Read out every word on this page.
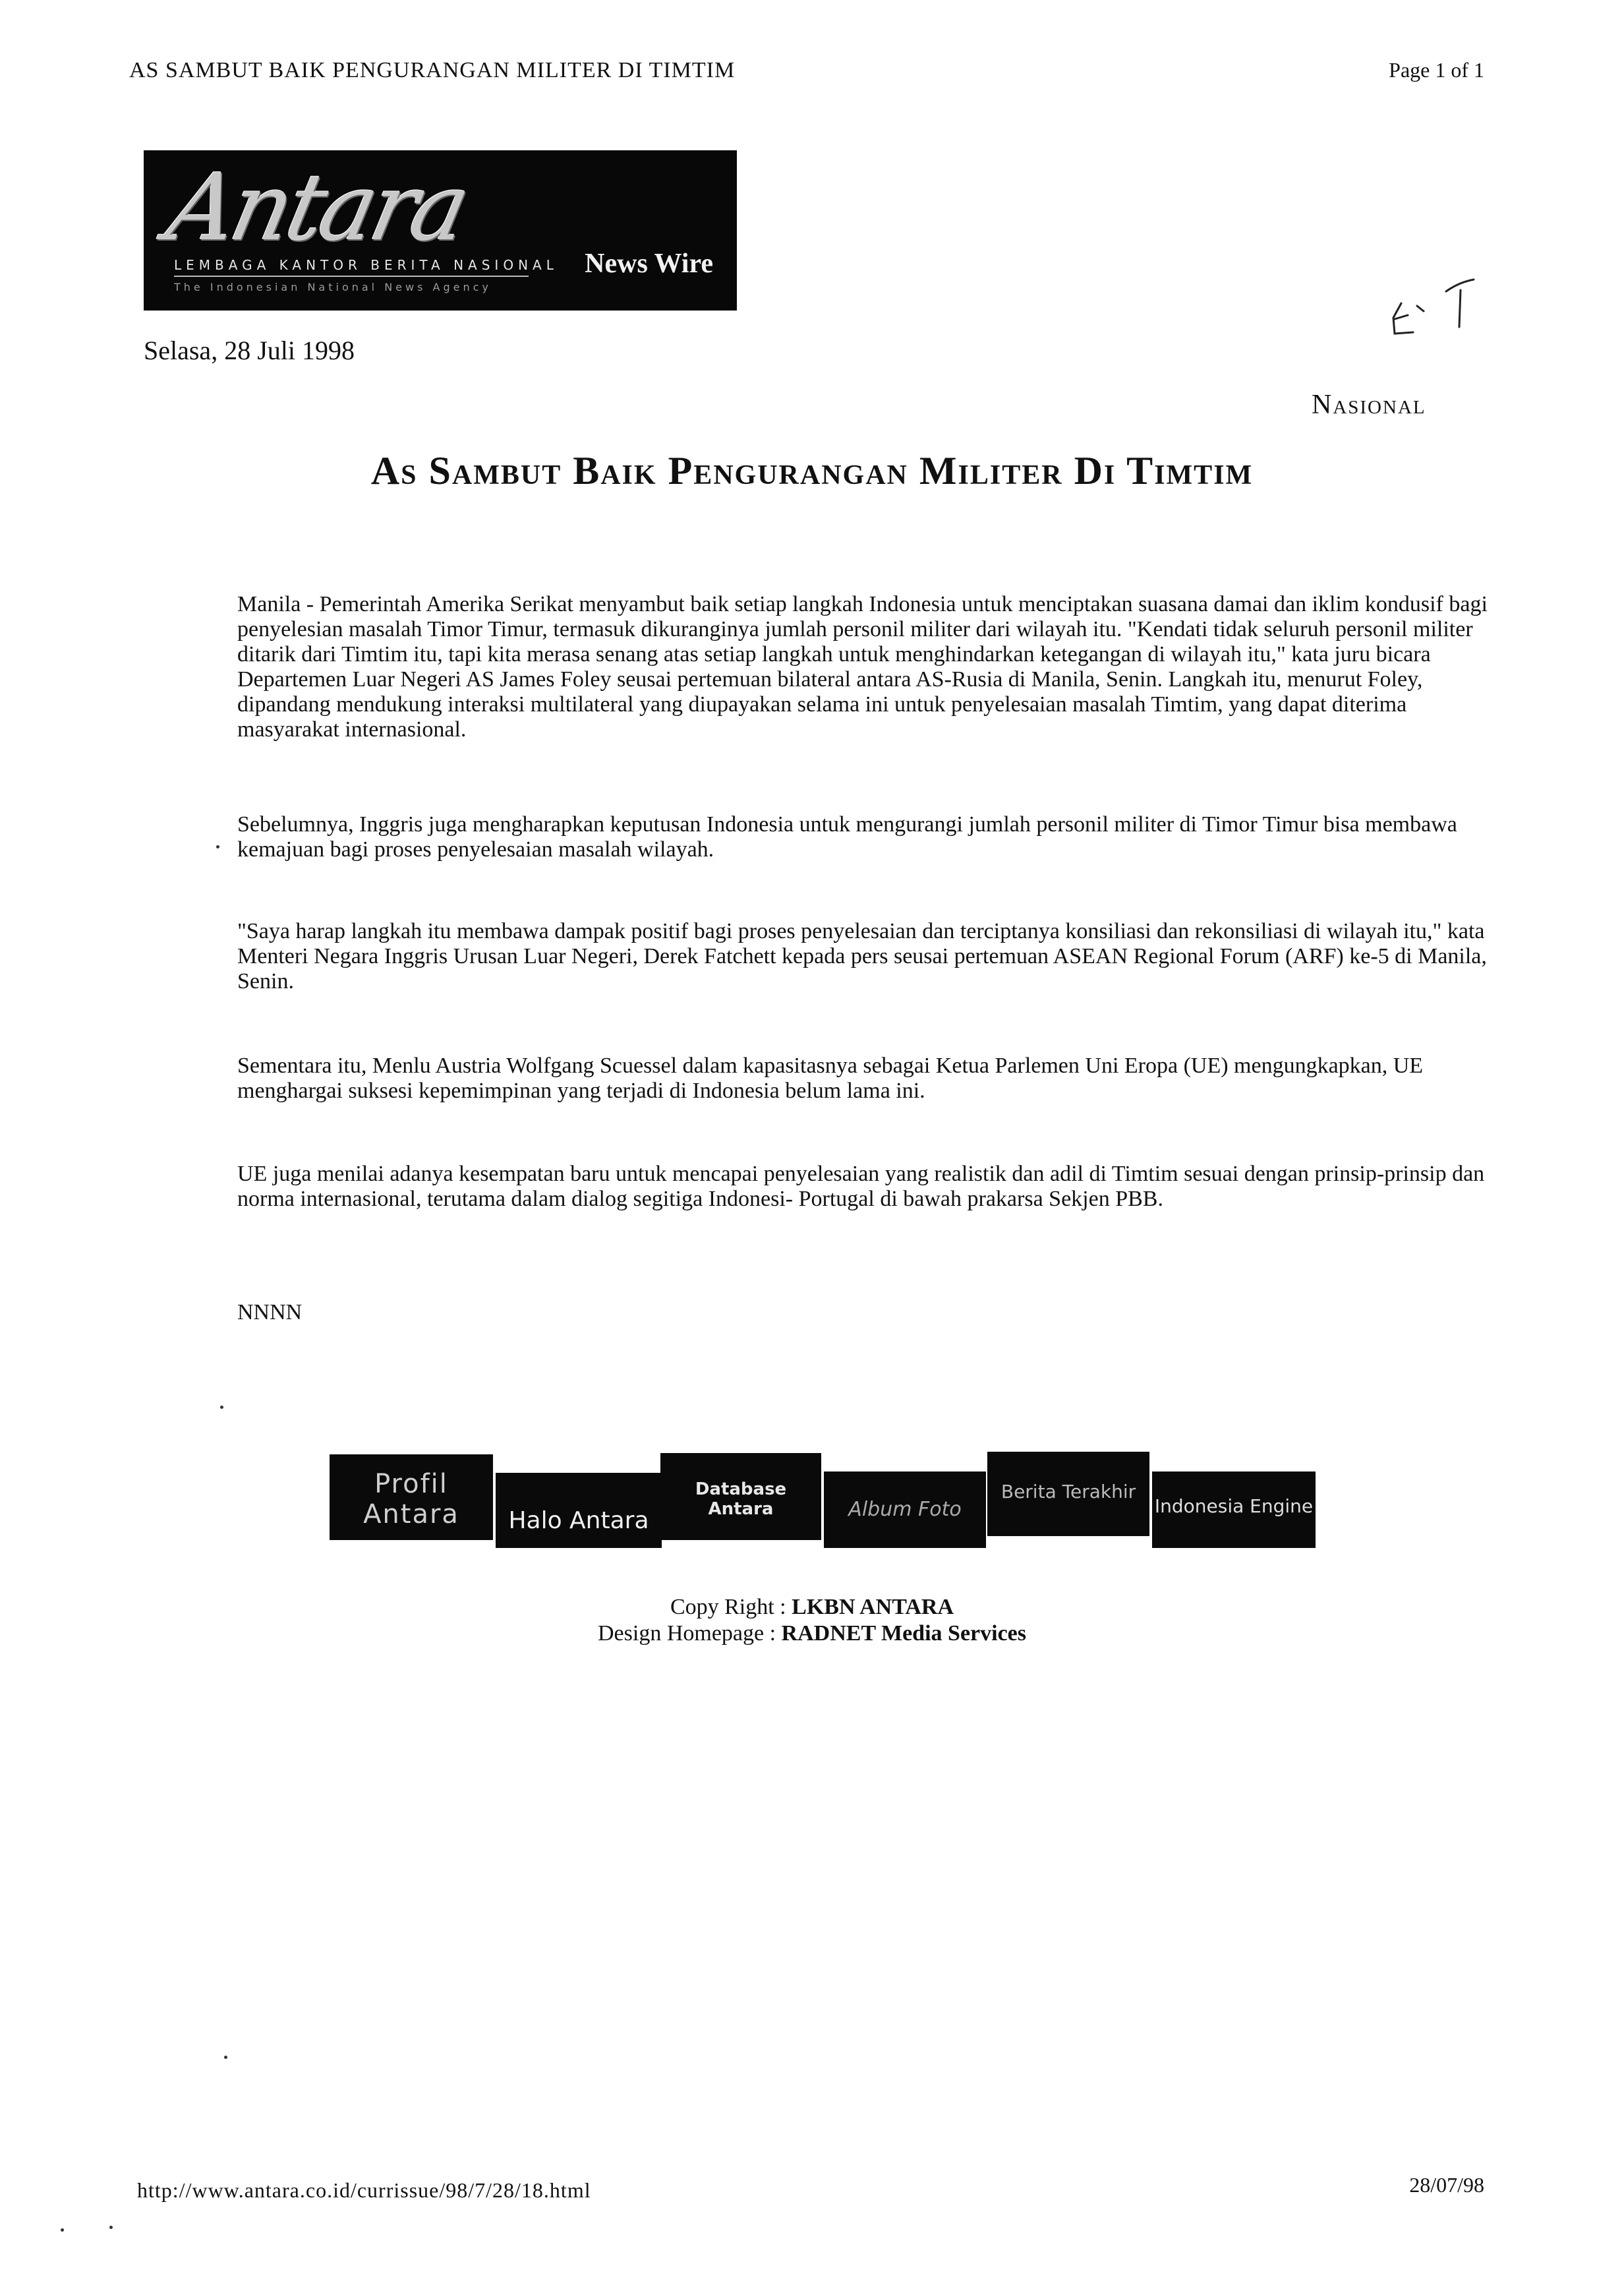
AS SAMBUT BAIK PENGURANGAN MILITER DI TIMTIM	Page 1 of 1
Antara
LEMBAGA KANTOR BERITA NASIONAL
The Indonesian National News Agency
News Wire
Selasa, 28 Juli 1998
Nasional
As Sambut Baik Pengurangan Militer Di Timtim
Manila - Pemerintah Amerika Serikat menyambut baik setiap langkah Indonesia untuk menciptakan suasana damai dan iklim kondusif bagi penyelesian masalah Timor Timur, termasuk dikuranginya jumlah personil militer dari wilayah itu. "Kendati tidak seluruh personil militer ditarik dari Timtim itu, tapi kita merasa senang atas setiap langkah untuk menghindarkan ketegangan di wilayah itu," kata juru bicara Departemen Luar Negeri AS James Foley seusai pertemuan bilateral antara AS-Rusia di Manila, Senin. Langkah itu, menurut Foley, dipandang mendukung interaksi multilateral yang diupayakan selama ini untuk penyelesaian masalah Timtim, yang dapat diterima masyarakat internasional.
Sebelumnya, Inggris juga mengharapkan keputusan Indonesia untuk mengurangi jumlah personil militer di Timor Timur bisa membawa kemajuan bagi proses penyelesaian masalah wilayah.
"Saya harap langkah itu membawa dampak positif bagi proses penyelesaian dan terciptanya konsiliasi dan rekonsiliasi di wilayah itu," kata Menteri Negara Inggris Urusan Luar Negeri, Derek Fatchett kepada pers seusai pertemuan ASEAN Regional Forum (ARF) ke-5 di Manila, Senin.
Sementara itu, Menlu Austria Wolfgang Scuessel dalam kapasitasnya sebagai Ketua Parlemen Uni Eropa (UE) mengungkapkan, UE menghargai suksesi kepemimpinan yang terjadi di Indonesia belum lama ini.
UE juga menilai adanya kesempatan baru untuk mencapai penyelesaian yang realistik dan adil di Timtim sesuai dengan prinsip-prinsip dan norma internasional, terutama dalam dialog segitiga Indonesi- Portugal di bawah prakarsa Sekjen PBB.
NNNN
Profil Antara	Halo Antara
Database Antara	Album Foto
Berita Terakhir
Indonesia Engine
Copy Right : LKBN ANTARA
Design Homepage : RADNET Media Services
http://www.antara.co.id/currissue/98/7/28/18.html	28/07/98
